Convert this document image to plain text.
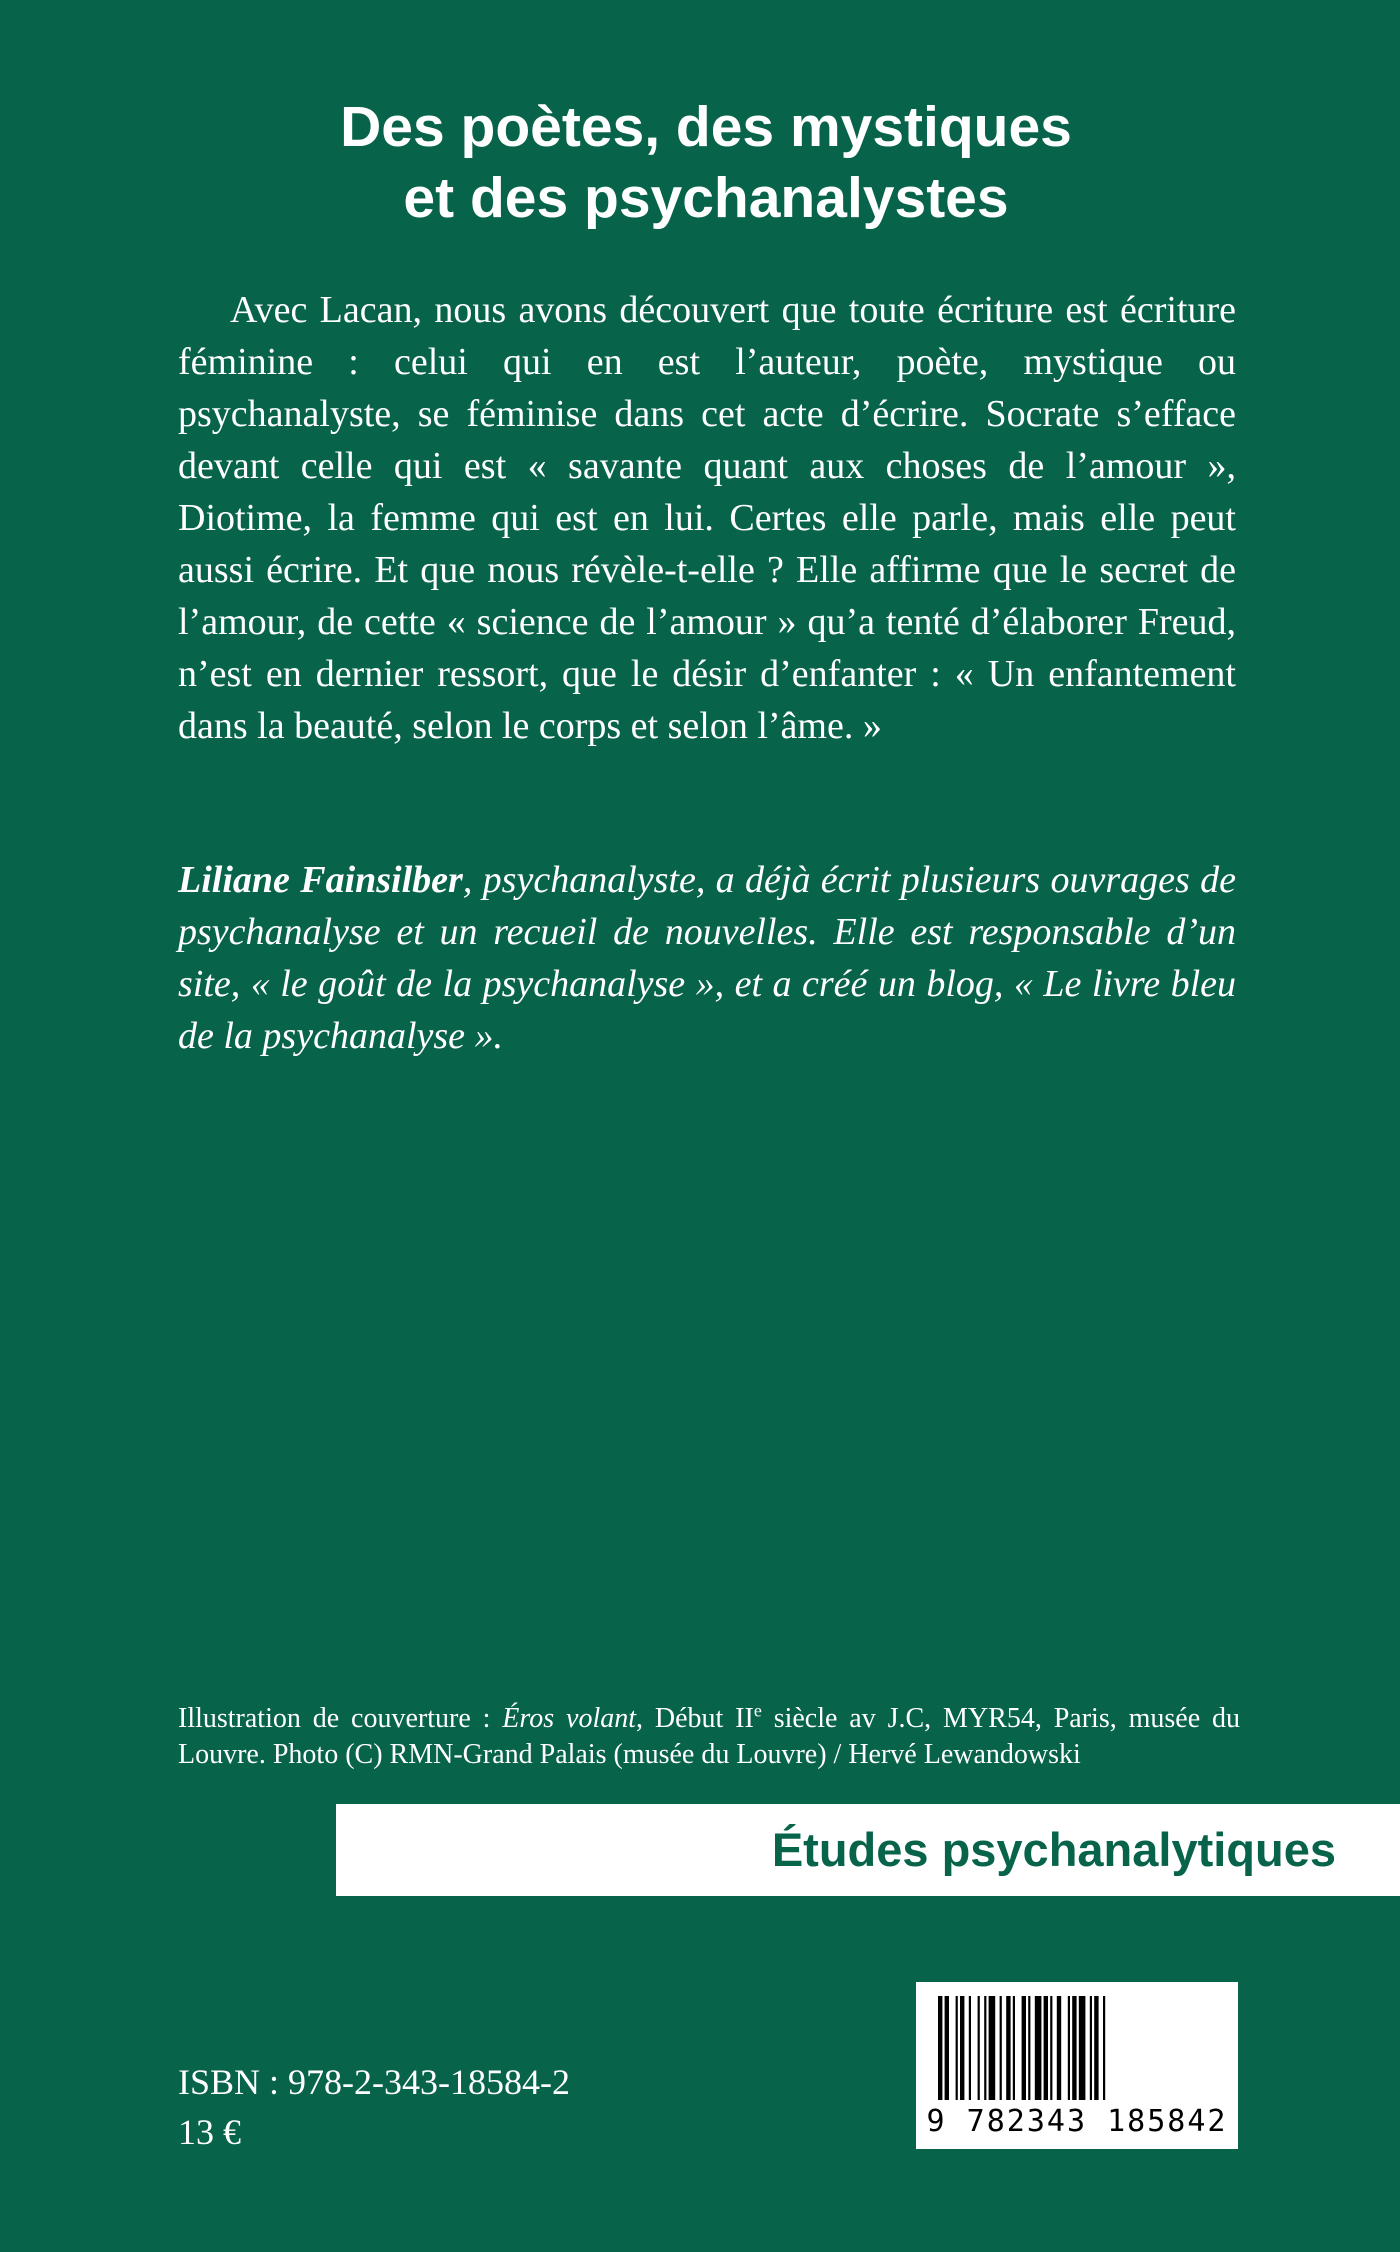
Des poètes, des mystiques
et des psychanalystes

Avec Lacan, nous avons découvert que toute écriture est écriture féminine : celui qui en est l’auteur, poète, mystique ou psychanalyste, se féminise dans cet acte d’écrire. Socrate s’efface devant celle qui est « savante quant aux choses de l’amour », Diotime, la femme qui est en lui. Certes elle parle, mais elle peut aussi écrire. Et que nous révèle-t-elle ? Elle affirme que le secret de l’amour, de cette « science de l’amour » qu’a tenté d’élaborer Freud, n’est en dernier ressort, que le désir d’enfanter : « Un enfantement dans la beauté, selon le corps et selon l’âme. »

Liliane Fainsilber, psychanalyste, a déjà écrit plusieurs ouvrages de psychanalyse et un recueil de nouvelles. Elle est responsable d’un site, « le goût de la psychanalyse », et a créé un blog, « Le livre bleu de la psychanalyse ».

Illustration de couverture : Éros volant, Début IIe siècle av J.C, MYR54, Paris, musée du Louvre. Photo (C) RMN-Grand Palais (musée du Louvre) / Hervé Lewandowski

Études psychanalytiques
ISBN : 978-2-343-18584-2
13 €	9 782343 185842
